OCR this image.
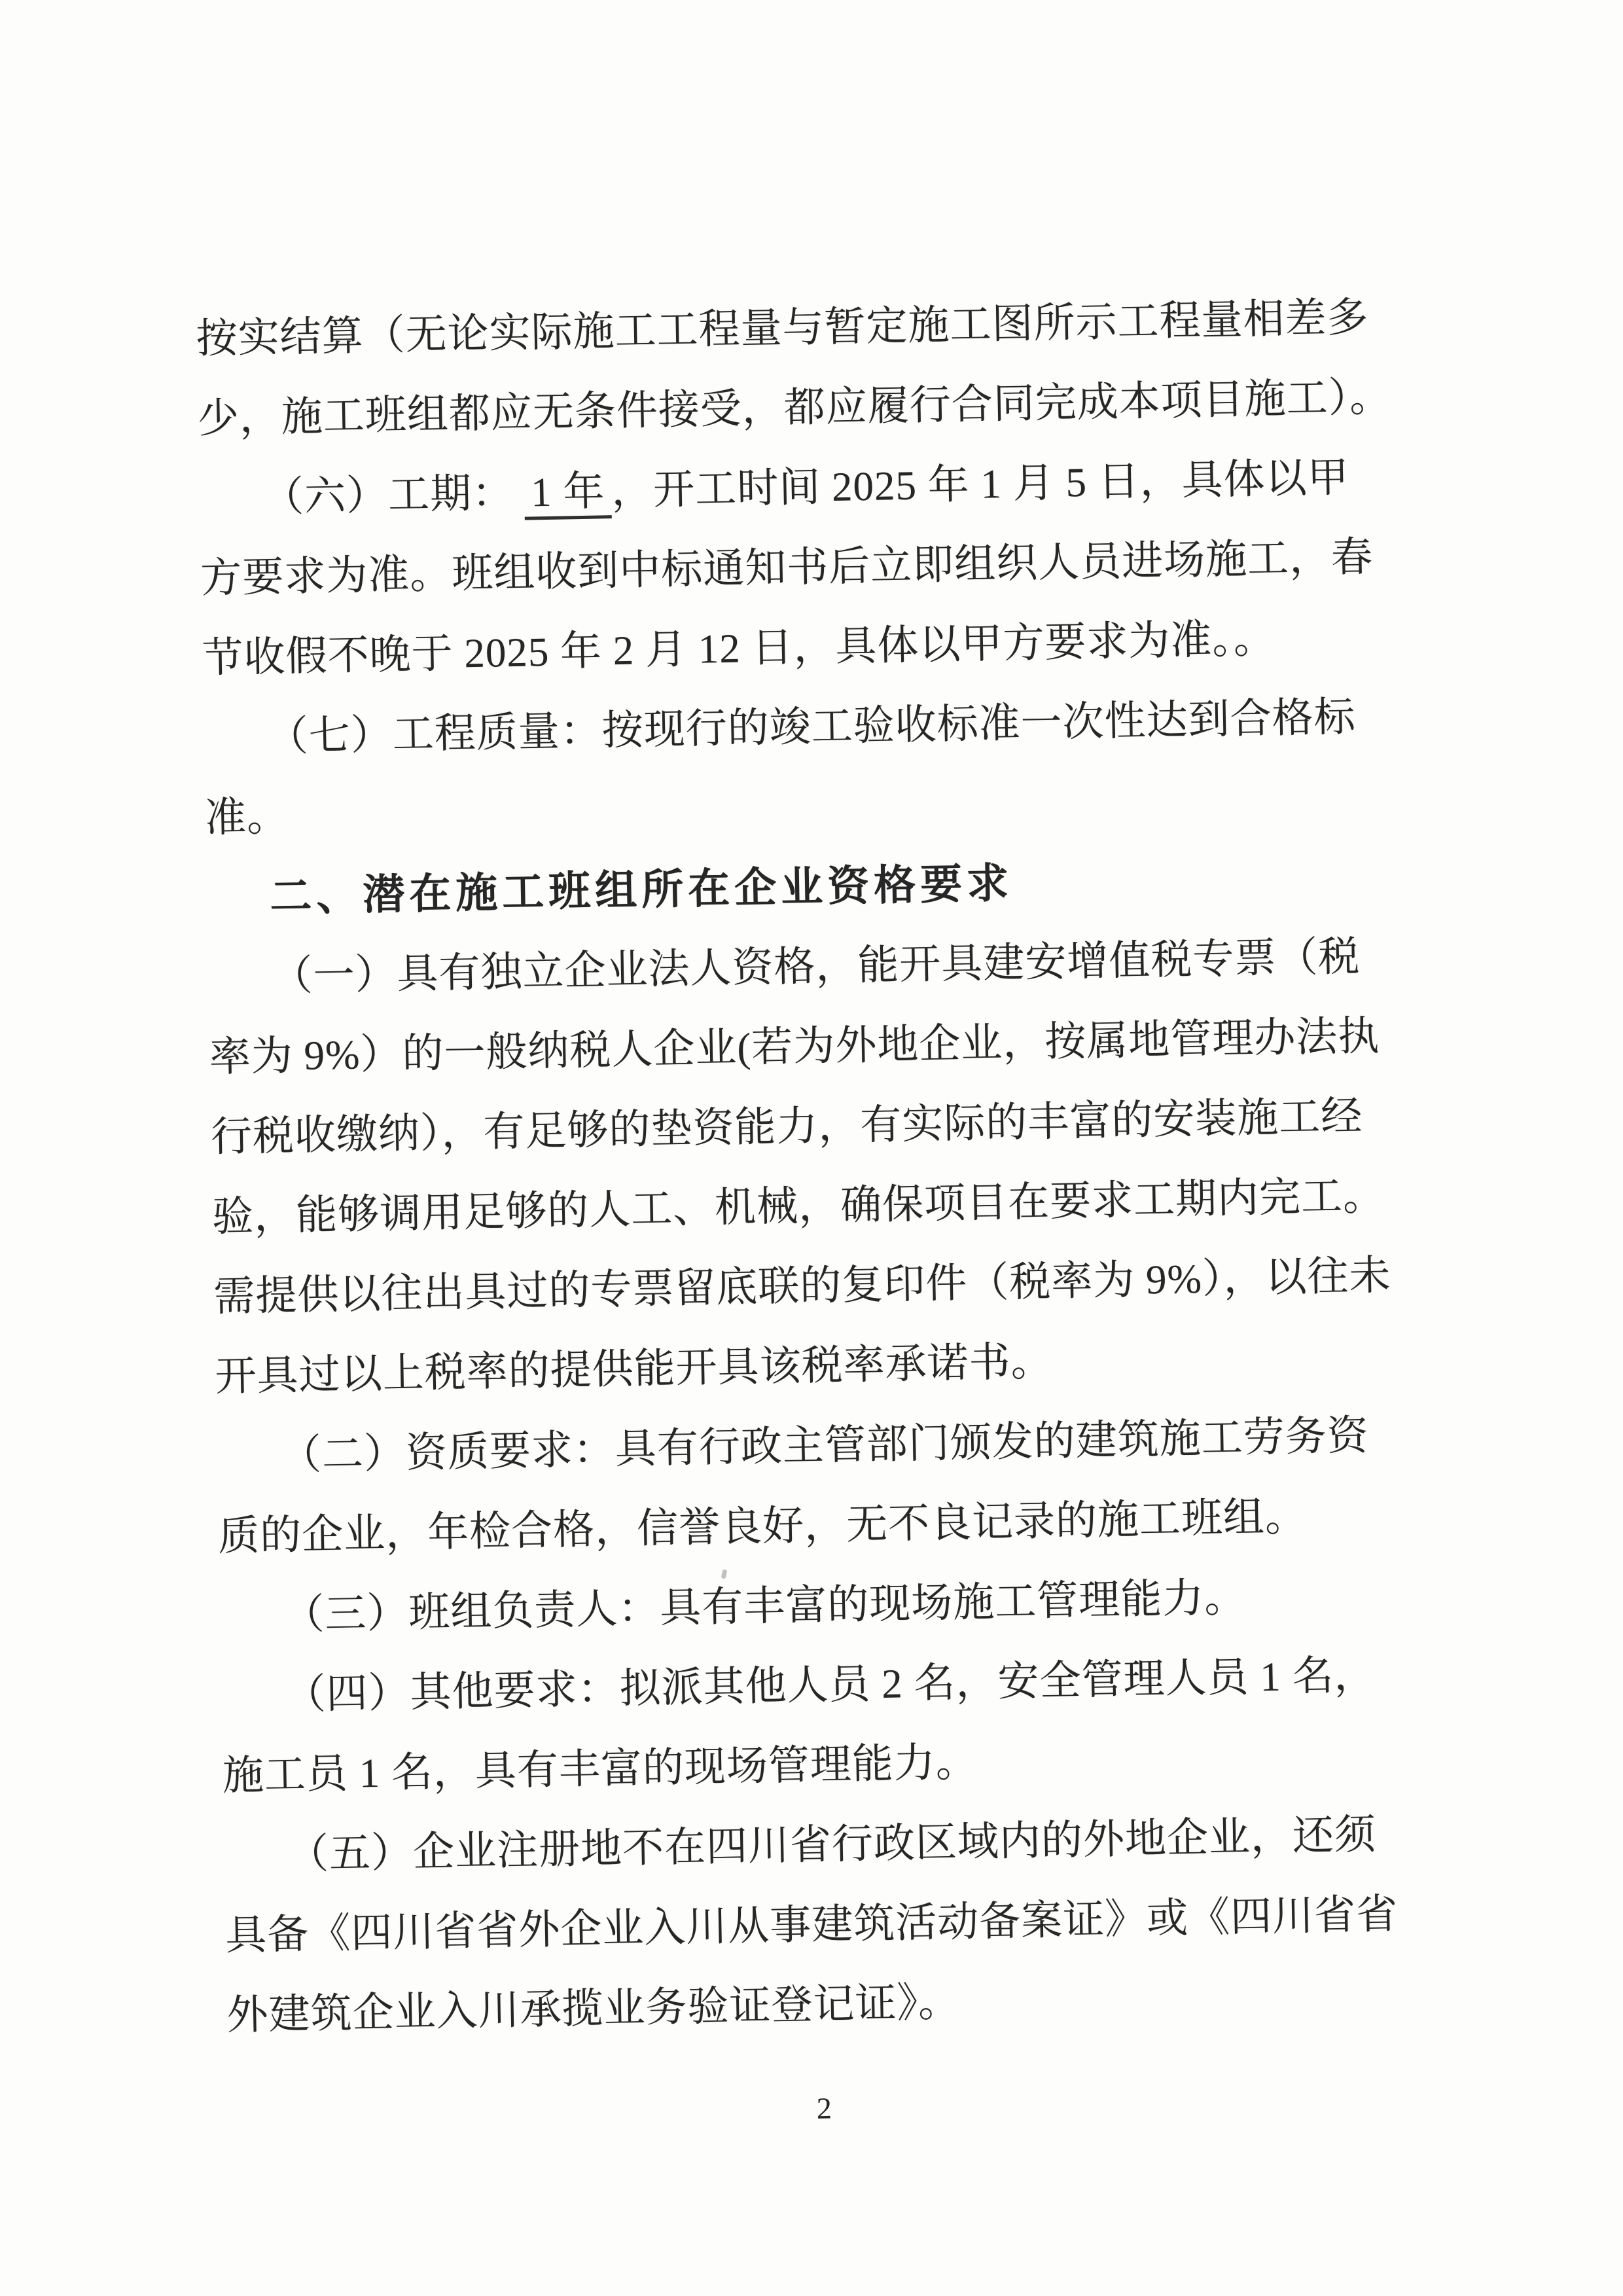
按实结算（无论实际施工工程量与暂定施工图所示工程量相差多
少，施工班组都应无条件接受，都应履行合同完成本项目施工）。
（六）工期： 1 年 ，开工时间 2025 年 1 月 5 日，具体以甲
方要求为准。班组收到中标通知书后立即组织人员进场施工，春
节收假不晚于 2025 年 2 月 12 日，具体以甲方要求为准。。
（七）工程质量：按现行的竣工验收标准一次性达到合格标
准。
二、潜在施工班组所在企业资格要求
（一）具有独立企业法人资格，能开具建安增值税专票（税
率为 9%）的一般纳税人企业(若为外地企业，按属地管理办法执
行税收缴纳），有足够的垫资能力，有实际的丰富的安装施工经
验，能够调用足够的人工、机械，确保项目在要求工期内完工。
需提供以往出具过的专票留底联的复印件（税率为 9%），以往未
开具过以上税率的提供能开具该税率承诺书。
（二）资质要求：具有行政主管部门颁发的建筑施工劳务资
质的企业，年检合格，信誉良好，无不良记录的施工班组。
（三）班组负责人：具有丰富的现场施工管理能力。
（四）其他要求：拟派其他人员 2 名，安全管理人员 1 名，
施工员 1 名，具有丰富的现场管理能力。
（五）企业注册地不在四川省行政区域内的外地企业，还须
具备《四川省省外企业入川从事建筑活动备案证》或《四川省省
外建筑企业入川承揽业务验证登记证》。
2
